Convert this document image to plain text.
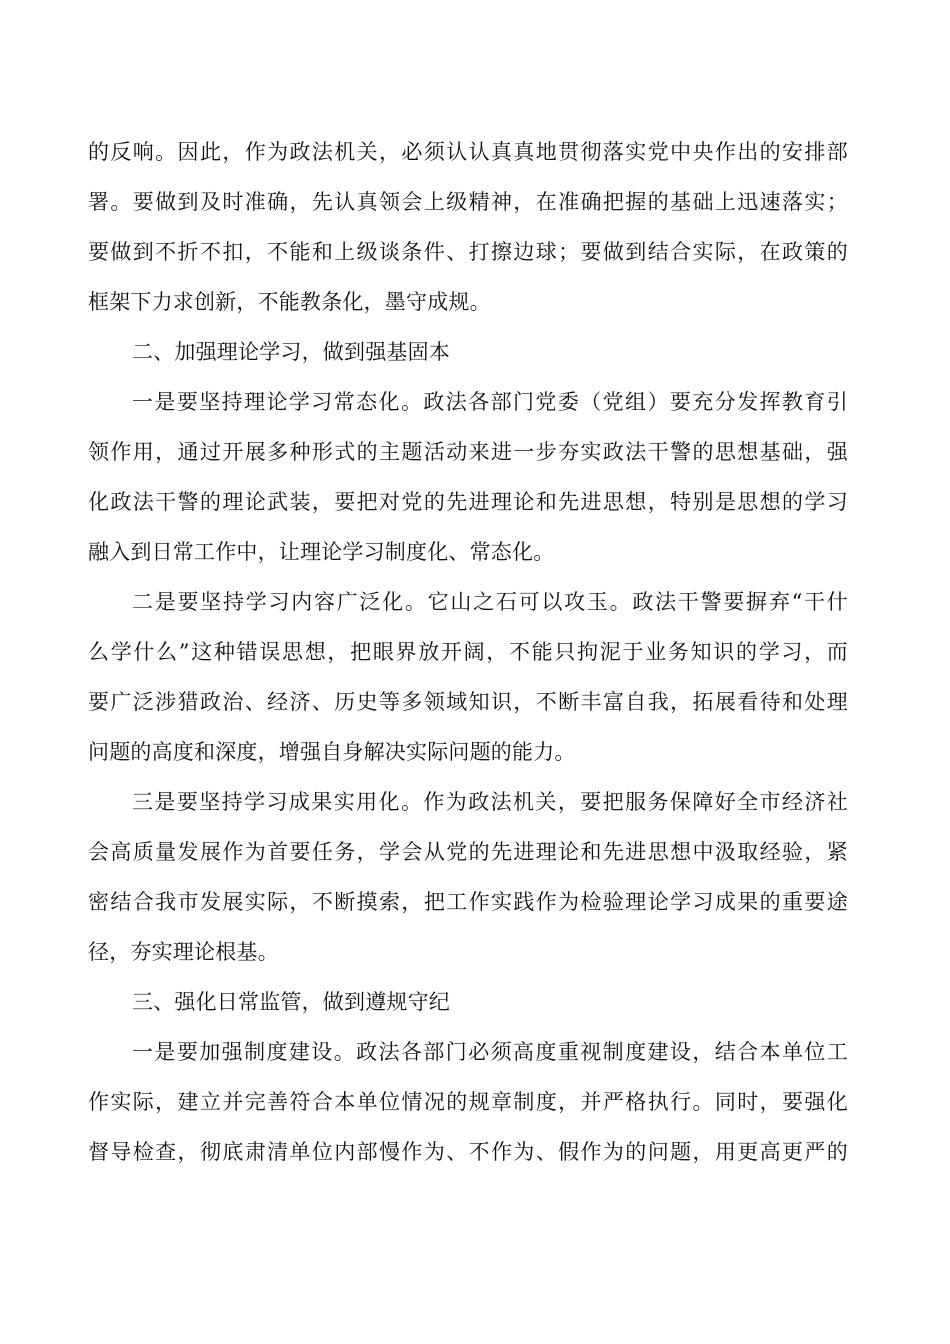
的反响。因此，作为政法机关，必须认认真真地贯彻落实党中央作出的安排部
署。要做到及时准确，先认真领会上级精神，在准确把握的基础上迅速落实；
要做到不折不扣，不能和上级谈条件、打擦边球；要做到结合实际，在政策的
框架下力求创新，不能教条化，墨守成规。
二、加强理论学习，做到强基固本
一是要坚持理论学习常态化。政法各部门党委（党组）要充分发挥教育引
领作用，通过开展多种形式的主题活动来进一步夯实政法干警的思想基础，强
化政法干警的理论武装，要把对党的先进理论和先进思想，特别是思想的学习
融入到日常工作中，让理论学习制度化、常态化。
二是要坚持学习内容广泛化。它山之石可以攻玉。政法干警要摒弃“干什
么学什么”这种错误思想，把眼界放开阔，不能只拘泥于业务知识的学习，而
要广泛涉猎政治、经济、历史等多领域知识，不断丰富自我，拓展看待和处理
问题的高度和深度，增强自身解决实际问题的能力。
三是要坚持学习成果实用化。作为政法机关，要把服务保障好全市经济社
会高质量发展作为首要任务，学会从党的先进理论和先进思想中汲取经验，紧
密结合我市发展实际，不断摸索，把工作实践作为检验理论学习成果的重要途
径，夯实理论根基。
三、强化日常监管，做到遵规守纪
一是要加强制度建设。政法各部门必须高度重视制度建设，结合本单位工
作实际，建立并完善符合本单位情况的规章制度，并严格执行。同时，要强化
督导检查，彻底肃清单位内部慢作为、不作为、假作为的问题，用更高更严的
